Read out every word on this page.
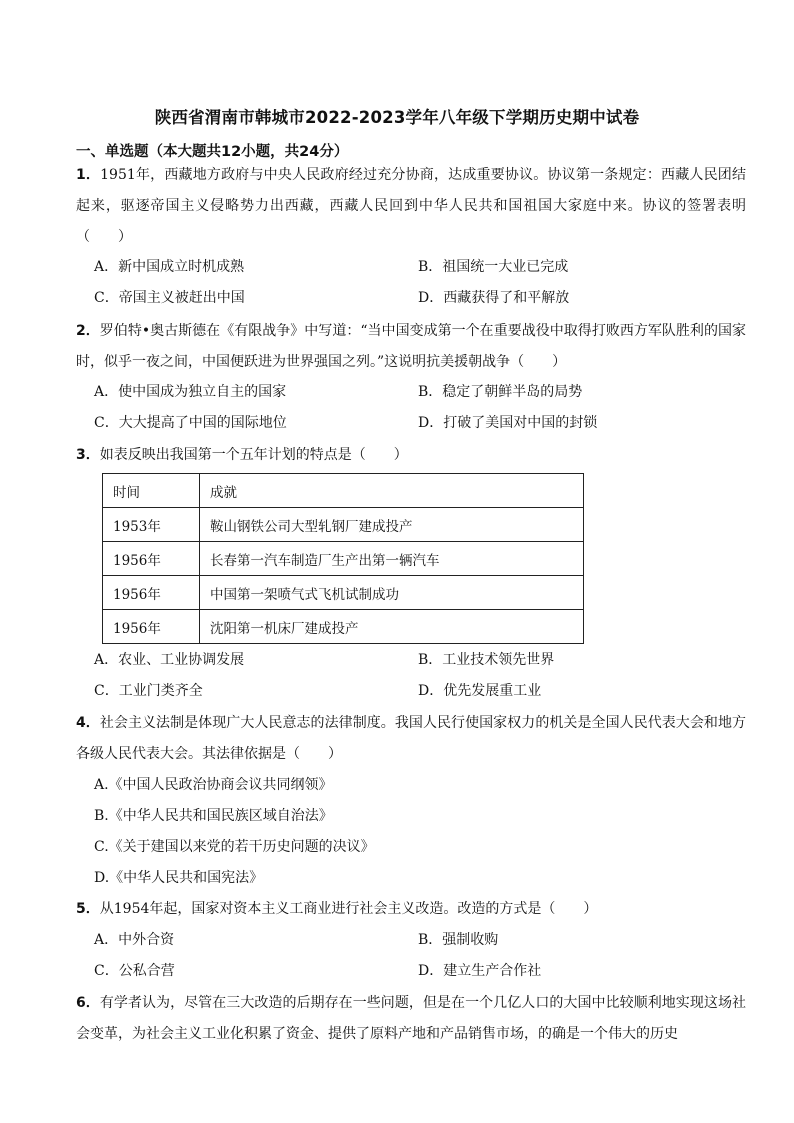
陕西省渭南市韩城市2022-2023学年八年级下学期历史期中试卷
一、单选题（本大题共12小题，共24分）
1．1951年，西藏地方政府与中央人民政府经过充分协商，达成重要协议。协议第一条规定：西藏人民团结起来，驱逐帝国主义侵略势力出西藏，西藏人民回到中华人民共和国祖国大家庭中来。协议的签署表明（　　）
A．新中国成立时机成熟	B．祖国统一大业已完成
C．帝国主义被赶出中国	D．西藏获得了和平解放
2．罗伯特•奥古斯德在《有限战争》中写道：“当中国变成第一个在重要战役中取得打败西方军队胜利的国家时，似乎一夜之间，中国便跃进为世界强国之列。”这说明抗美援朝战争（　　）
A．使中国成为独立自主的国家	B．稳定了朝鲜半岛的局势
C．大大提高了中国的国际地位	D．打破了美国对中国的封锁
3．如表反映出我国第一个五年计划的特点是（　　）
时间	成就
1953年	鞍山钢铁公司大型轧钢厂建成投产
1956年	长春第一汽车制造厂生产出第一辆汽车
1956年	中国第一架喷气式飞机试制成功
1956年	沈阳第一机床厂建成投产
A．农业、工业协调发展	B．工业技术领先世界
C．工业门类齐全	D．优先发展重工业
4．社会主义法制是体现广大人民意志的法律制度。我国人民行使国家权力的机关是全国人民代表大会和地方各级人民代表大会。其法律依据是（　　）
A.《中国人民政治协商会议共同纲领》
B.《中华人民共和国民族区域自治法》
C.《关于建国以来党的若干历史问题的决议》
D.《中华人民共和国宪法》
5．从1954年起，国家对资本主义工商业进行社会主义改造。改造的方式是（　　）
A．中外合资	B．强制收购
C．公私合营	D．建立生产合作社
6．有学者认为，尽管在三大改造的后期存在一些问题，但是在一个几亿人口的大国中比较顺利地实现这场社会变革，为社会主义工业化积累了资金、提供了原料产地和产品销售市场，的确是一个伟大的历史
